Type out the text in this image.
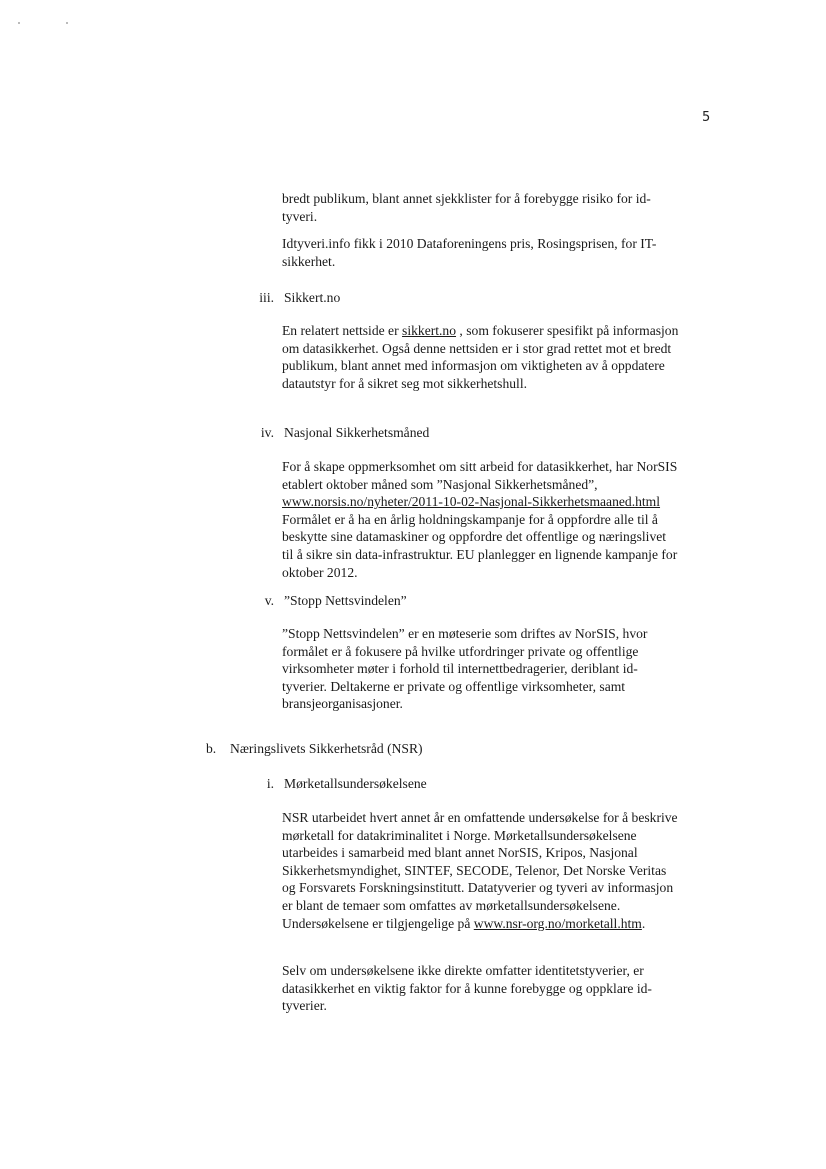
5

bredt publikum, blant annet sjekklister for å forebygge risiko for id-tyveri.

Idtyveri.info fikk i 2010 Dataforeningens pris, Rosingsprisen, for IT-sikkerhet.

iii. Sikkert.no

En relatert nettside er sikkert.no , som fokuserer spesifikt på informasjon om datasikkerhet. Også denne nettsiden er i stor grad rettet mot et bredt publikum, blant annet med informasjon om viktigheten av å oppdatere datautstyr for å sikret seg mot sikkerhetshull.

iv. Nasjonal Sikkerhetsmåned

For å skape oppmerksomhet om sitt arbeid for datasikkerhet, har NorSIS etablert oktober måned som ”Nasjonal Sikkerhetsmåned”, www.norsis.no/nyheter/2011-10-02-Nasjonal-Sikkerhetsmaaned.html Formålet er å ha en årlig holdningskampanje for å oppfordre alle til å beskytte sine datamaskiner og oppfordre det offentlige og næringslivet til å sikre sin data-infrastruktur. EU planlegger en lignende kampanje for oktober 2012.

v. ”Stopp Nettsvindelen”

”Stopp Nettsvindelen” er en møteserie som driftes av NorSIS, hvor formålet er å fokusere på hvilke utfordringer private og offentlige virksomheter møter i forhold til internettbedragerier, deriblant id-tyverier. Deltakerne er private og offentlige virksomheter, samt bransjeorganisasjoner.

b. Næringslivets Sikkerhetsråd (NSR)
i. Mørketallsundersøkelsene

NSR utarbeidet hvert annet år en omfattende undersøkelse for å beskrive mørketall for datakriminalitet i Norge. Mørketallsundersøkelsene utarbeides i samarbeid med blant annet NorSIS, Kripos, Nasjonal Sikkerhetsmyndighet, SINTEF, SECODE, Telenor, Det Norske Veritas og Forsvarets Forskningsinstitutt. Datatyverier og tyveri av informasjon er blant de temaer som omfattes av mørketallsundersøkelsene. Undersøkelsene er tilgjengelige på www.nsr-org.no/morketall.htm.

Selv om undersøkelsene ikke direkte omfatter identitetstyverier, er datasikkerhet en viktig faktor for å kunne forebygge og oppklare id-tyverier.
